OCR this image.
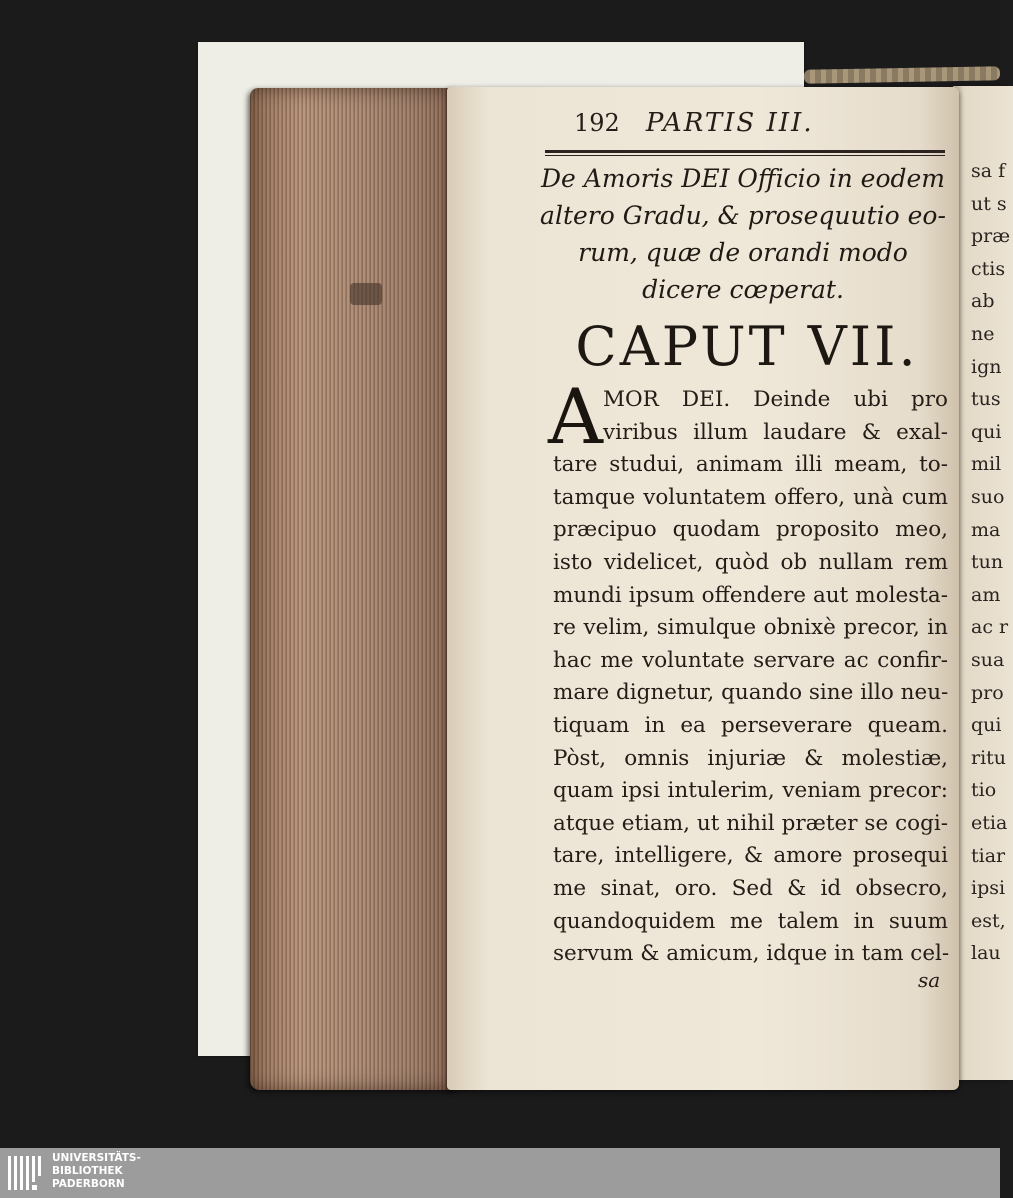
sa f
ut s
præ
ctis
ab
ne
ign
tus
qui
mil
suo
ma
tun
am
ac r
sua
pro
qui
ritu
tio
etia
tiar
ipsi
est,
lau
192 PARTIS III.
De Amoris DEI Officio in eodem
altero Gradu, & prosequutio eo-
rum, quæ de orandi modo
dicere cœperat.
CAPUT VII.
A MOR DEI. Deinde ubi pro
viribus illum laudare & exal-
tare studui, animam illi meam, to-
tamque voluntatem offero, unà cum
præcipuo quodam proposito meo,
isto videlicet, quòd ob nullam rem
mundi ipsum offendere aut molesta-
re velim, simulque obnixè precor, in
hac me voluntate servare ac confir-
mare dignetur, quando sine illo neu-
tiquam in ea perseverare queam.
Pòst, omnis injuriæ & molestiæ,
quam ipsi intulerim, veniam precor:
atque etiam, ut nihil præter se cogi-
tare, intelligere, & amore prosequi
me sinat, oro. Sed & id obsecro,
quandoquidem me talem in suum
servum & amicum, idque in tam cel-
sa
UNIVERSITÄTS-
BIBLIOTHEK
PADERBORN
